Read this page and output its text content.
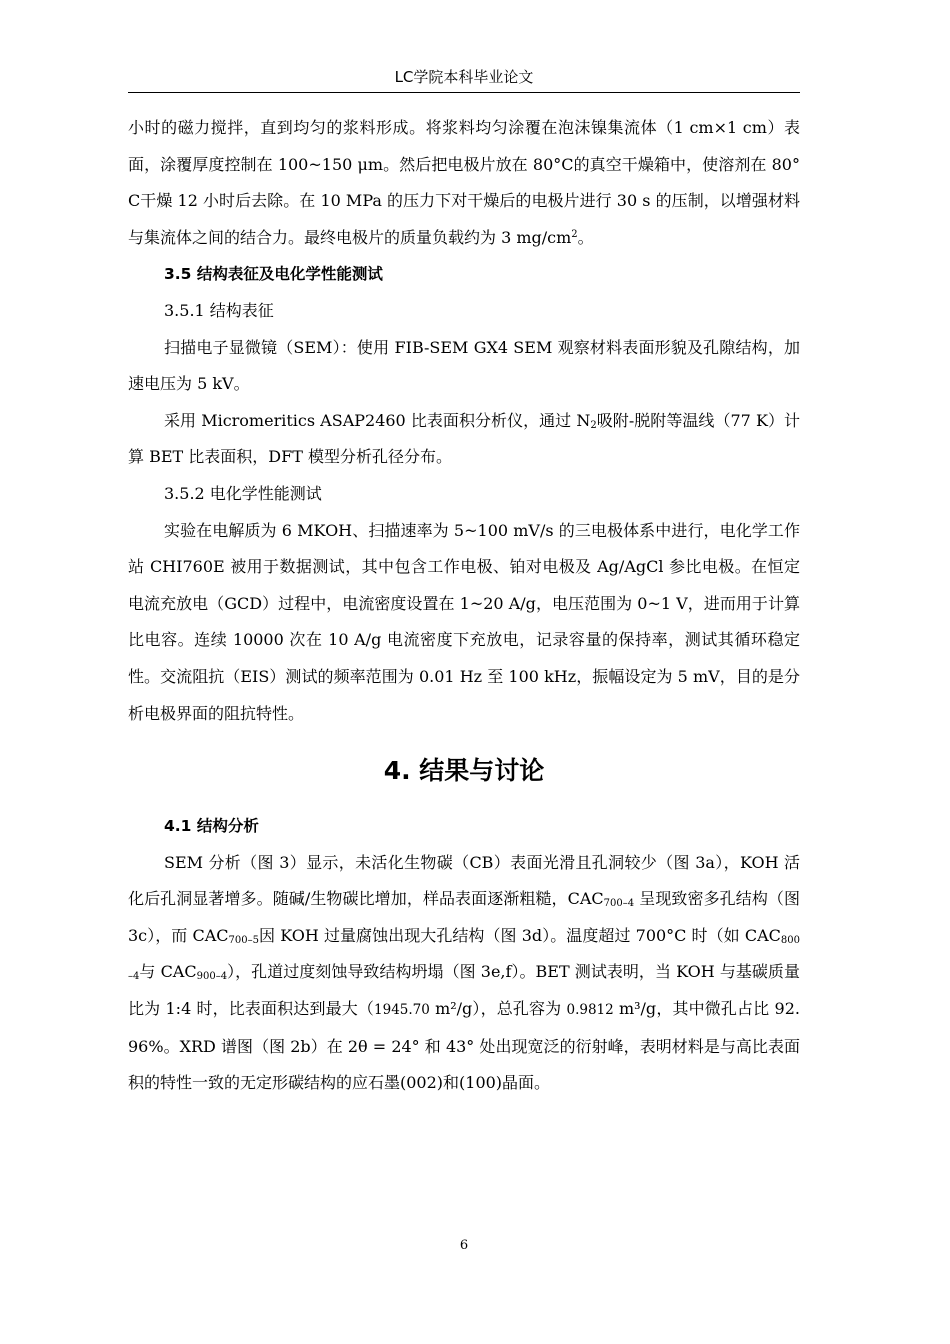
LC学院本科毕业论文

小时的磁力搅拌，直到均匀的浆料形成。将浆料均匀涂覆在泡沫镍集流体（1 cm×1 cm）表面，涂覆厚度控制在 100~150 μm。然后把电极片放在 80°C的真空干燥箱中，使溶剂在 80°C干燥 12 小时后去除。在 10 MPa 的压力下对干燥后的电极片进行 30 s 的压制，以增强材料与集流体之间的结合力。最终电极片的质量负载约为 3 $mg/cm^2$。

3.5 结构表征及电化学性能测试

3.5.1 结构表征

扫描电子显微镜（SEM）：使用 FIB-SEM GX4 SEM 观察材料表面形貌及孔隙结构，加速电压为 5 kV。

采用 Micromeritics ASAP2460 比表面积分析仪，通过 $N_2$吸附-脱附等温线（77 K）计算 BET 比表面积，DFT 模型分析孔径分布。

3.5.2 电化学性能测试

实验在电解质为 6 MKOH、扫描速率为 5~100 mV/s 的三电极体系中进行，电化学工作站 CHI760E 被用于数据测试，其中包含工作电极、铂对电极及 Ag/AgCl 参比电极。在恒定电流充放电（GCD）过程中，电流密度设置在 1~20 A/g，电压范围为 0~1 V，进而用于计算比电容。连续 10000 次在 10 A/g 电流密度下充放电，记录容量的保持率，测试其循环稳定性。交流阻抗（EIS）测试的频率范围为 0.01 Hz 至 100 kHz，振幅设定为 5 mV，目的是分析电极界面的阻抗特性。

4. 结果与讨论

4.1 结构分析

SEM 分析（图 3）显示，未活化生物碳（CB）表面光滑且孔洞较少（图 3a），KOH 活化后孔洞显著增多。随碱/生物碳比增加，样品表面逐渐粗糙，$CAC_{700-4}$ 呈现致密多孔结构（图 3c），而 $CAC_{700-5}$因 KOH 过量腐蚀出现大孔结构（图 3d）。温度超过 700°C 时（如 $CAC_{800-4}$与 $CAC_{900-4}$），孔道过度刻蚀导致结构坍塌（图 3e,f）。BET 测试表明，当 KOH 与基碳质量比为 1:4 时，比表面积达到最大（1945.70 m²/g），总孔容为 0.9812 m³/g，其中微孔占比 92.96%。XRD 谱图（图 2b）在 2θ = 24° 和 43° 处出现宽泛的衍射峰，表明材料是与高比表面积的特性一致的无定形碳结构的应石墨(002)和(100)晶面。

6
